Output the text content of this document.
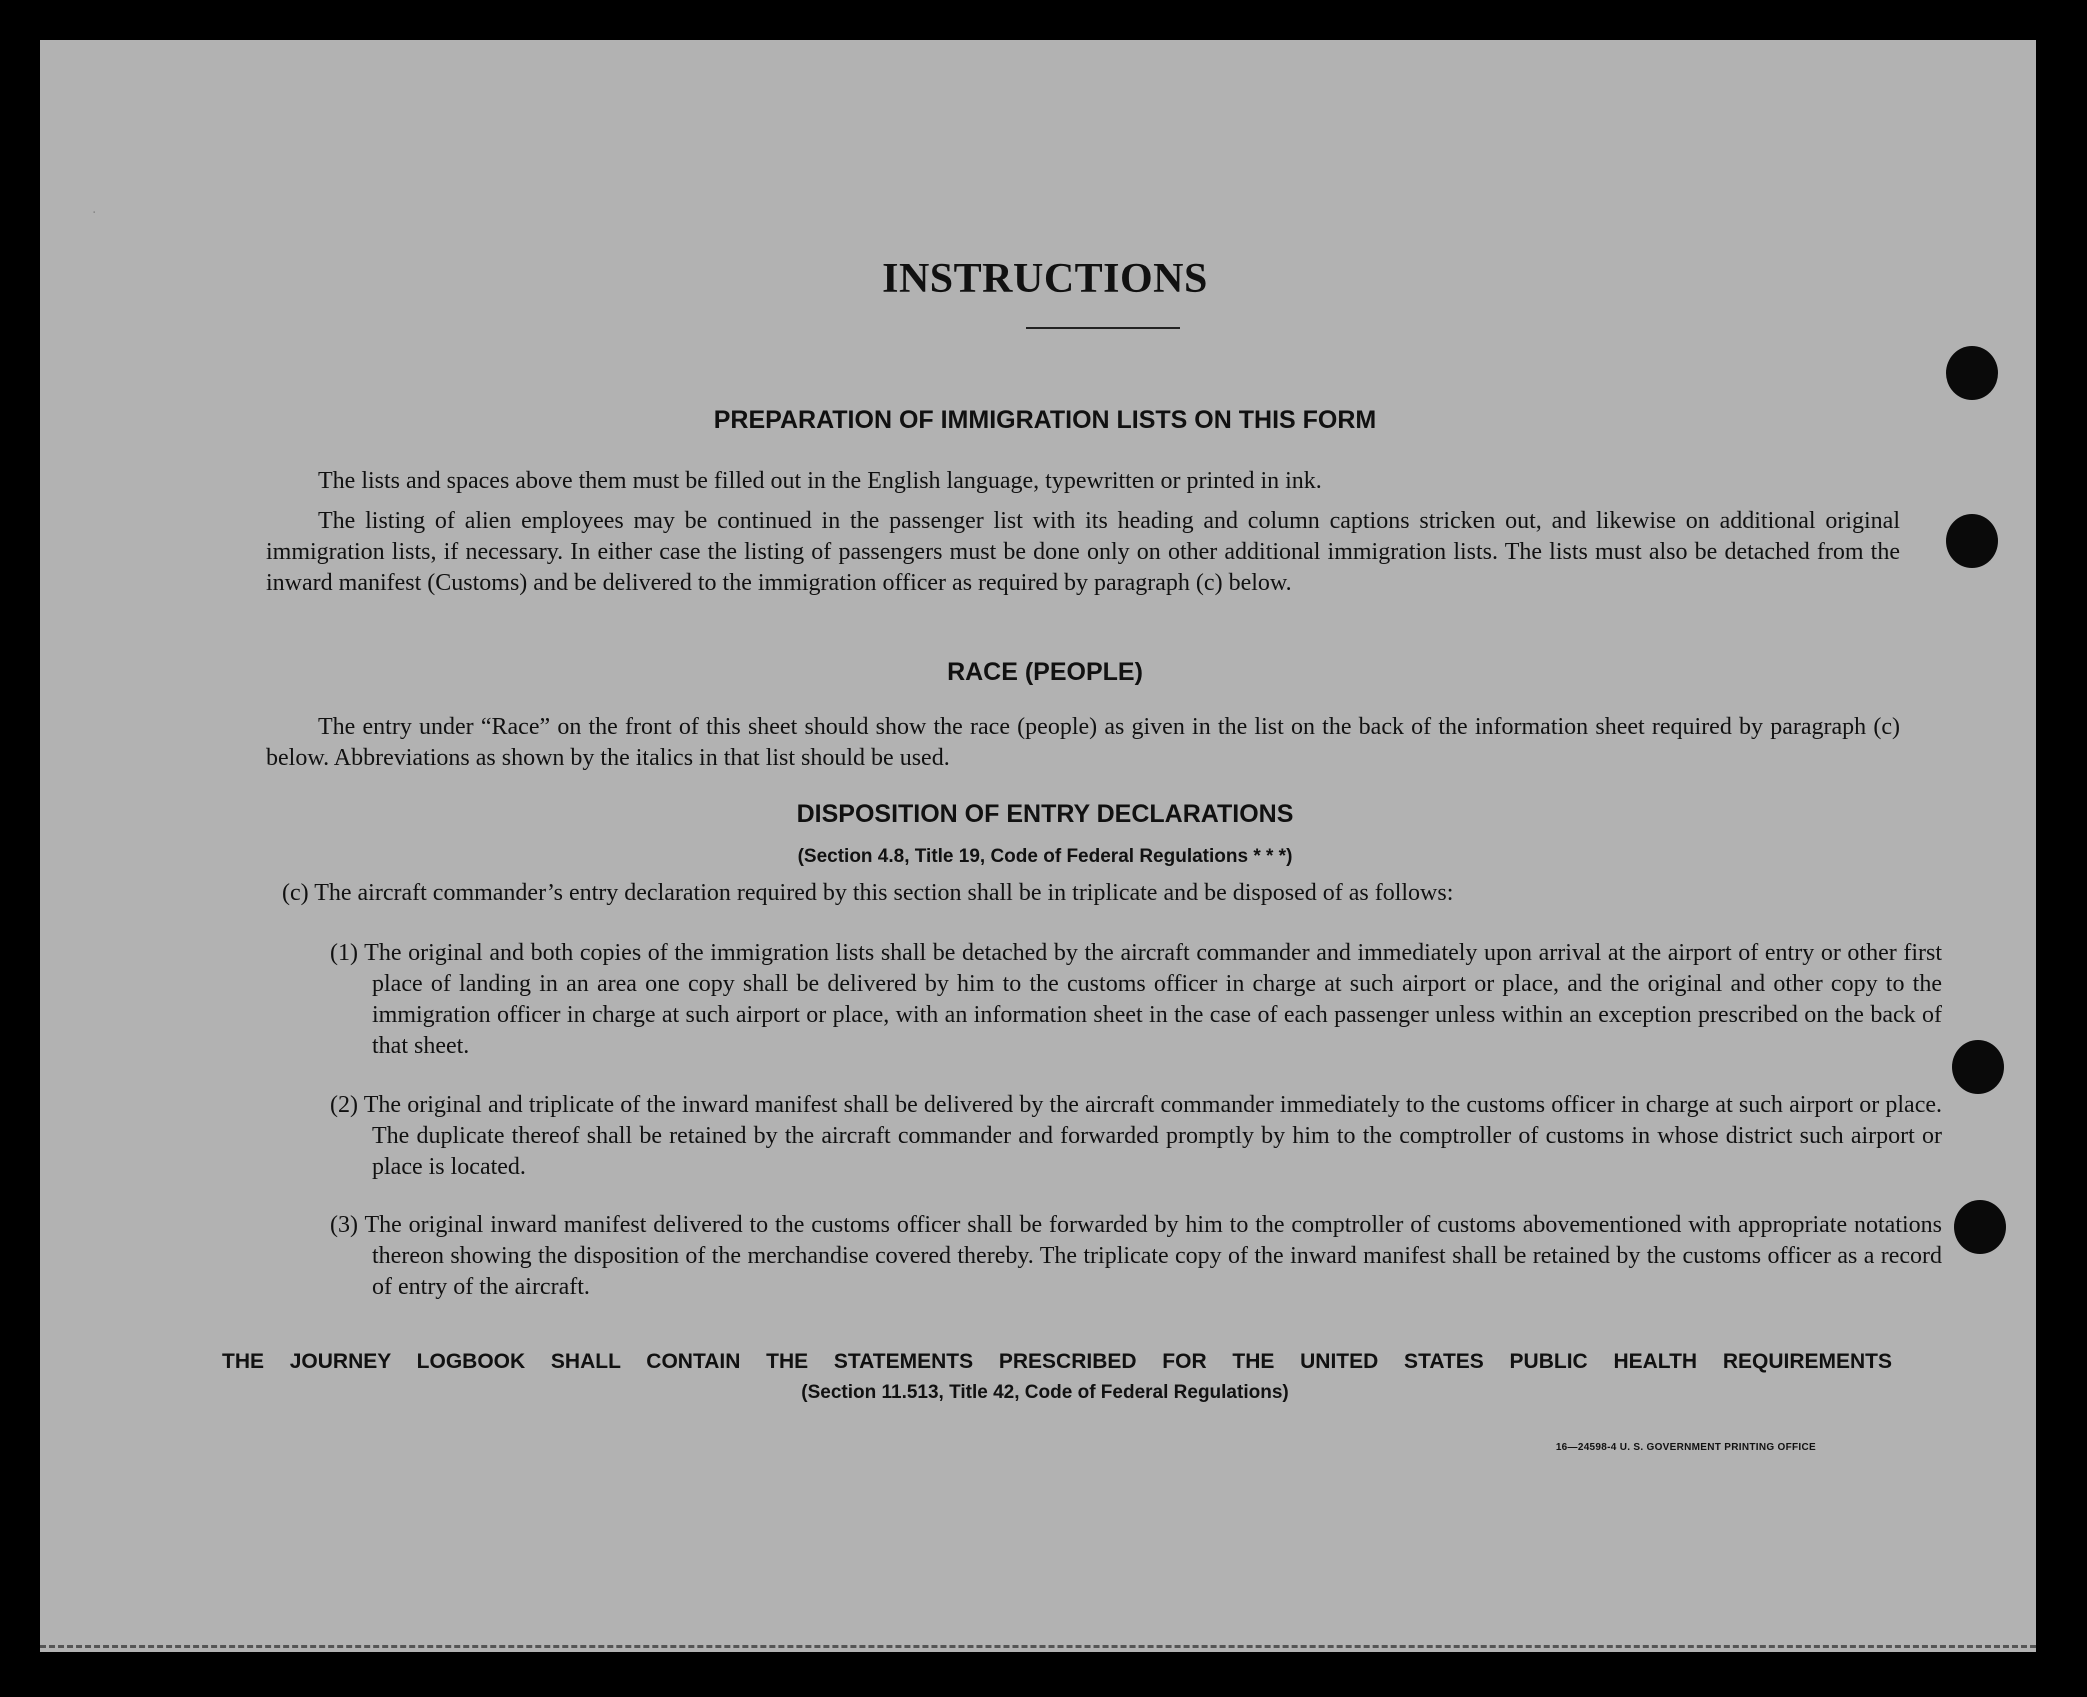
.
INSTRUCTIONS
PREPARATION OF IMMIGRATION LISTS ON THIS FORM
The lists and spaces above them must be filled out in the English language, typewritten or printed in ink.
The listing of alien employees may be continued in the passenger list with its heading and column captions stricken out, and likewise on additional original immigration lists, if necessary. In either case the listing of passengers must be done only on other additional immigration lists. The lists must also be detached from the inward manifest (Customs) and be delivered to the immigration officer as required by paragraph (c) below.
RACE (PEOPLE)
The entry under “Race” on the front of this sheet should show the race (people) as given in the list on the back of the information sheet required by paragraph (c) below. Abbreviations as shown by the italics in that list should be used.
DISPOSITION OF ENTRY DECLARATIONS
(Section 4.8, Title 19, Code of Federal Regulations * * *)
(c) The aircraft commander’s entry declaration required by this section shall be in triplicate and be disposed of as follows:
(1) The original and both copies of the immigration lists shall be detached by the aircraft commander and immediately upon arrival at the airport of entry or other first place of landing in an area one copy shall be delivered by him to the customs officer in charge at such airport or place, and the original and other copy to the immigration officer in charge at such airport or place, with an information sheet in the case of each passenger unless within an exception prescribed on the back of that sheet.
(2) The original and triplicate of the inward manifest shall be delivered by the aircraft commander immediately to the customs officer in charge at such airport or place. The duplicate thereof shall be retained by the aircraft commander and forwarded promptly by him to the comptroller of customs in whose district such airport or place is located.
(3) The original inward manifest delivered to the customs officer shall be forwarded by him to the comptroller of customs abovementioned with appropriate notations thereon showing the disposition of the merchandise covered thereby. The triplicate copy of the inward manifest shall be retained by the customs officer as a record of entry of the aircraft.
THE JOURNEY LOGBOOK SHALL CONTAIN THE STATEMENTS PRESCRIBED FOR THE UNITED STATES PUBLIC HEALTH REQUIREMENTS
(Section 11.513, Title 42, Code of Federal Regulations)
16—24598-4 U. S. GOVERNMENT PRINTING OFFICE
